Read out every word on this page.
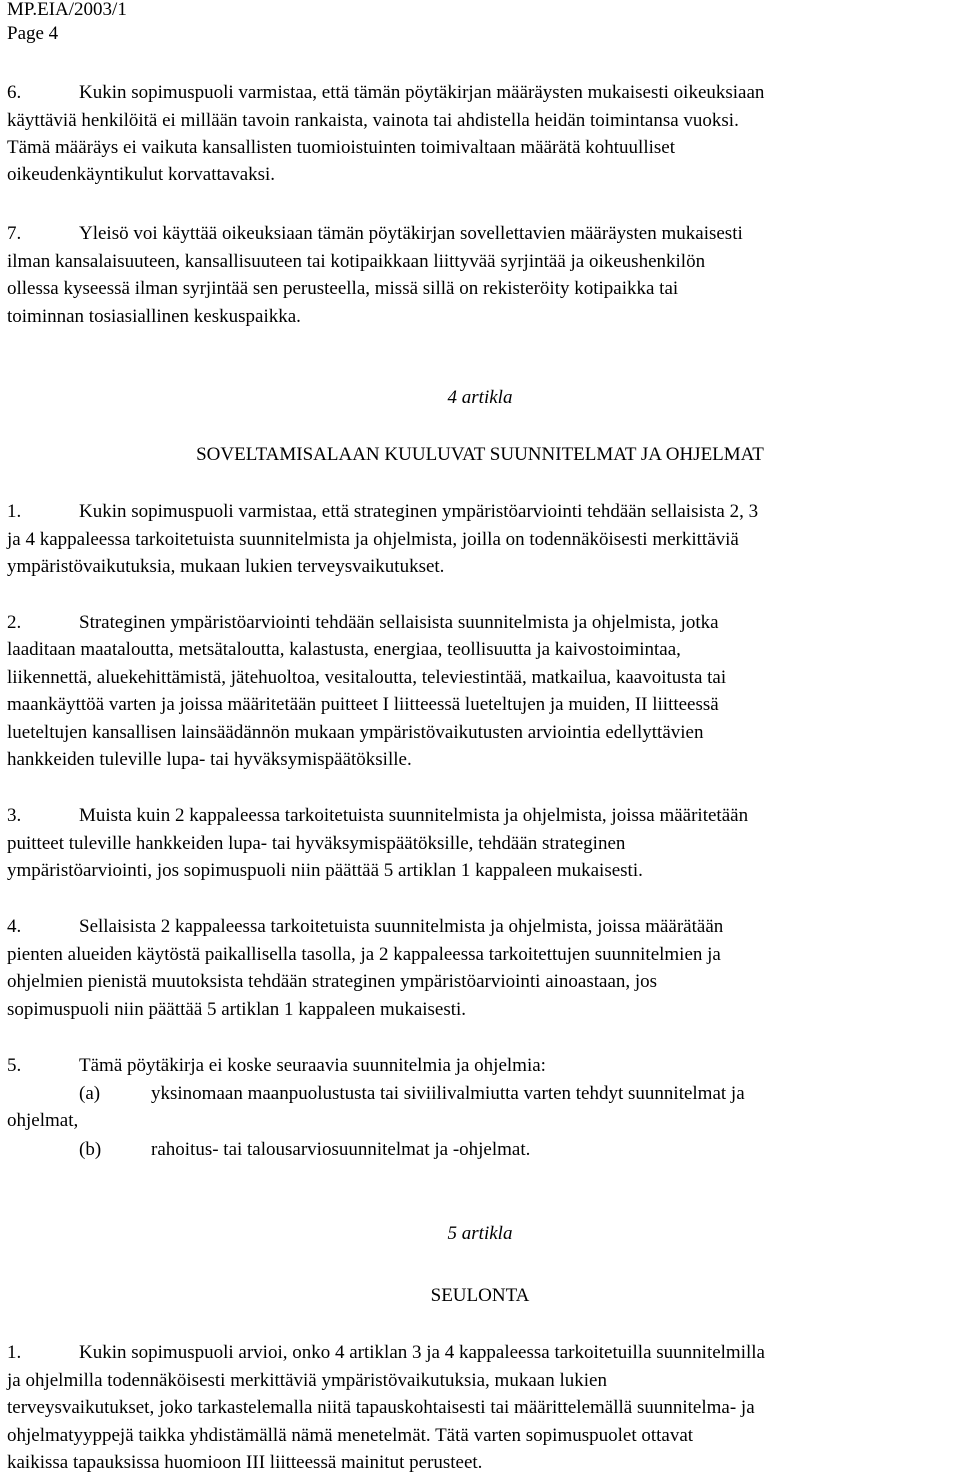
MP.EIA/2003/1
Page 4
6.	Kukin sopimuspuoli varmistaa, että tämän pöytäkirjan määräysten mukaisesti oikeuksiaan
käyttäviä henkilöitä ei millään tavoin rankaista, vainota tai ahdistella heidän toimintansa vuoksi.
Tämä määräys ei vaikuta kansallisten tuomioistuinten toimivaltaan määrätä kohtuulliset
oikeudenkäyntikulut korvattavaksi.
7.	Yleisö voi käyttää oikeuksiaan tämän pöytäkirjan sovellettavien määräysten mukaisesti
ilman kansalaisuuteen, kansallisuuteen tai kotipaikkaan liittyvää syrjintää ja oikeushenkilön
ollessa kyseessä ilman syrjintää sen perusteella, missä sillä on rekisteröity kotipaikka tai
toiminnan tosiasiallinen keskuspaikka.
4 artikla
SOVELTAMISALAAN KUULUVAT SUUNNITELMAT JA OHJELMAT
1.	Kukin sopimuspuoli varmistaa, että strateginen ympäristöarviointi tehdään sellaisista 2, 3
ja 4 kappaleessa tarkoitetuista suunnitelmista ja ohjelmista, joilla on todennäköisesti merkittäviä
ympäristövaikutuksia, mukaan lukien terveysvaikutukset.
2.	Strateginen ympäristöarviointi tehdään sellaisista suunnitelmista ja ohjelmista, jotka
laaditaan maataloutta, metsätaloutta, kalastusta, energiaa, teollisuutta ja kaivostoimintaa,
liikennettä, aluekehittämistä, jätehuoltoa, vesitaloutta, televiestintää, matkailua, kaavoitusta tai
maankäyttöä varten ja joissa määritetään puitteet I liitteessä lueteltujen ja muiden, II liitteessä
lueteltujen kansallisen lainsäädännön mukaan ympäristövaikutusten arviointia edellyttävien
hankkeiden tuleville lupa- tai hyväksymispäätöksille.
3.	Muista kuin 2 kappaleessa tarkoitetuista suunnitelmista ja ohjelmista, joissa määritetään
puitteet tuleville hankkeiden lupa- tai hyväksymispäätöksille, tehdään strateginen
ympäristöarviointi, jos sopimuspuoli niin päättää 5 artiklan 1 kappaleen mukaisesti.
4.	Sellaisista 2 kappaleessa tarkoitetuista suunnitelmista ja ohjelmista, joissa määrätään
pienten alueiden käytöstä paikallisella tasolla, ja 2 kappaleessa tarkoitettujen suunnitelmien ja
ohjelmien pienistä muutoksista tehdään strateginen ympäristöarviointi ainoastaan, jos
sopimuspuoli niin päättää 5 artiklan 1 kappaleen mukaisesti.
5.	Tämä pöytäkirja ei koske seuraavia suunnitelmia ja ohjelmia:
(a)	yksinomaan maanpuolustusta tai siviilivalmiutta varten tehdyt suunnitelmat ja
ohjelmat,
(b)	rahoitus- tai talousarviosuunnitelmat ja -ohjelmat.
5 artikla
SEULONTA
1.	Kukin sopimuspuoli arvioi, onko 4 artiklan 3 ja 4 kappaleessa tarkoitetuilla suunnitelmilla
ja ohjelmilla todennäköisesti merkittäviä ympäristövaikutuksia, mukaan lukien
terveysvaikutukset, joko tarkastelemalla niitä tapauskohtaisesti tai määrittelemällä suunnitelma- ja
ohjelmatyyppejä taikka yhdistämällä nämä menetelmät. Tätä varten sopimuspuolet ottavat
kaikissa tapauksissa huomioon III liitteessä mainitut perusteet.
